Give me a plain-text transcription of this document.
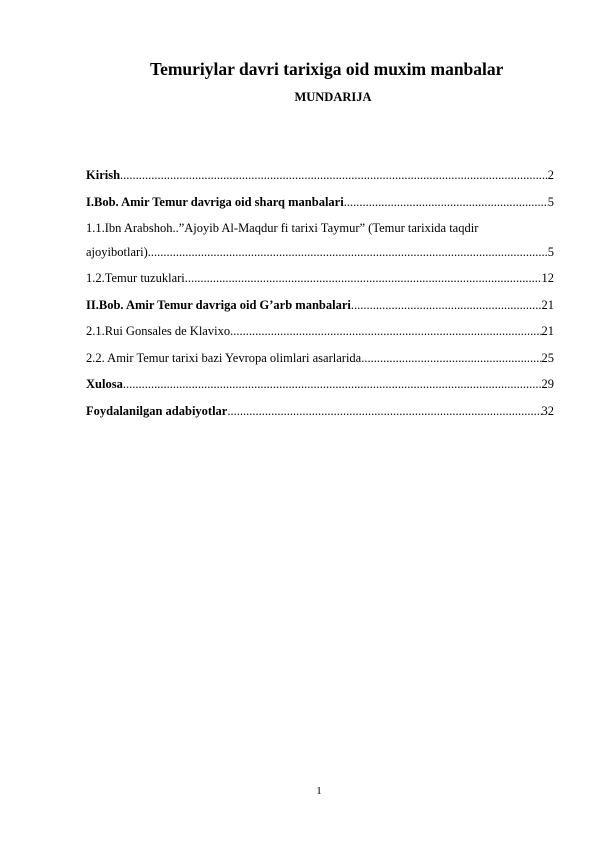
Temuriylar davri tarixiga oid muxim manbalar
MUNDARIJA
Kirish .....	2
I.Bob. Amir Temur davriga oid sharq manbalari .....	5
1.1.Ibn Arabshoh..”Ajoyib Al-Maqdur fi tarixi Taymur” (Temur tarixida taqdir
ajoyibotlari) .....	5
1.2.Temur tuzuklari .....	12
II.Bob. Amir Temur davriga oid G’arb manbalari .....	21
2.1.Rui Gonsales de Klavixo .....	21
2.2. Amir Temur tarixi bazi Yevropa olimlari asarlarida .....	25
Xulosa .....	29
Foydalanilgan adabiyotlar .....	32
1
